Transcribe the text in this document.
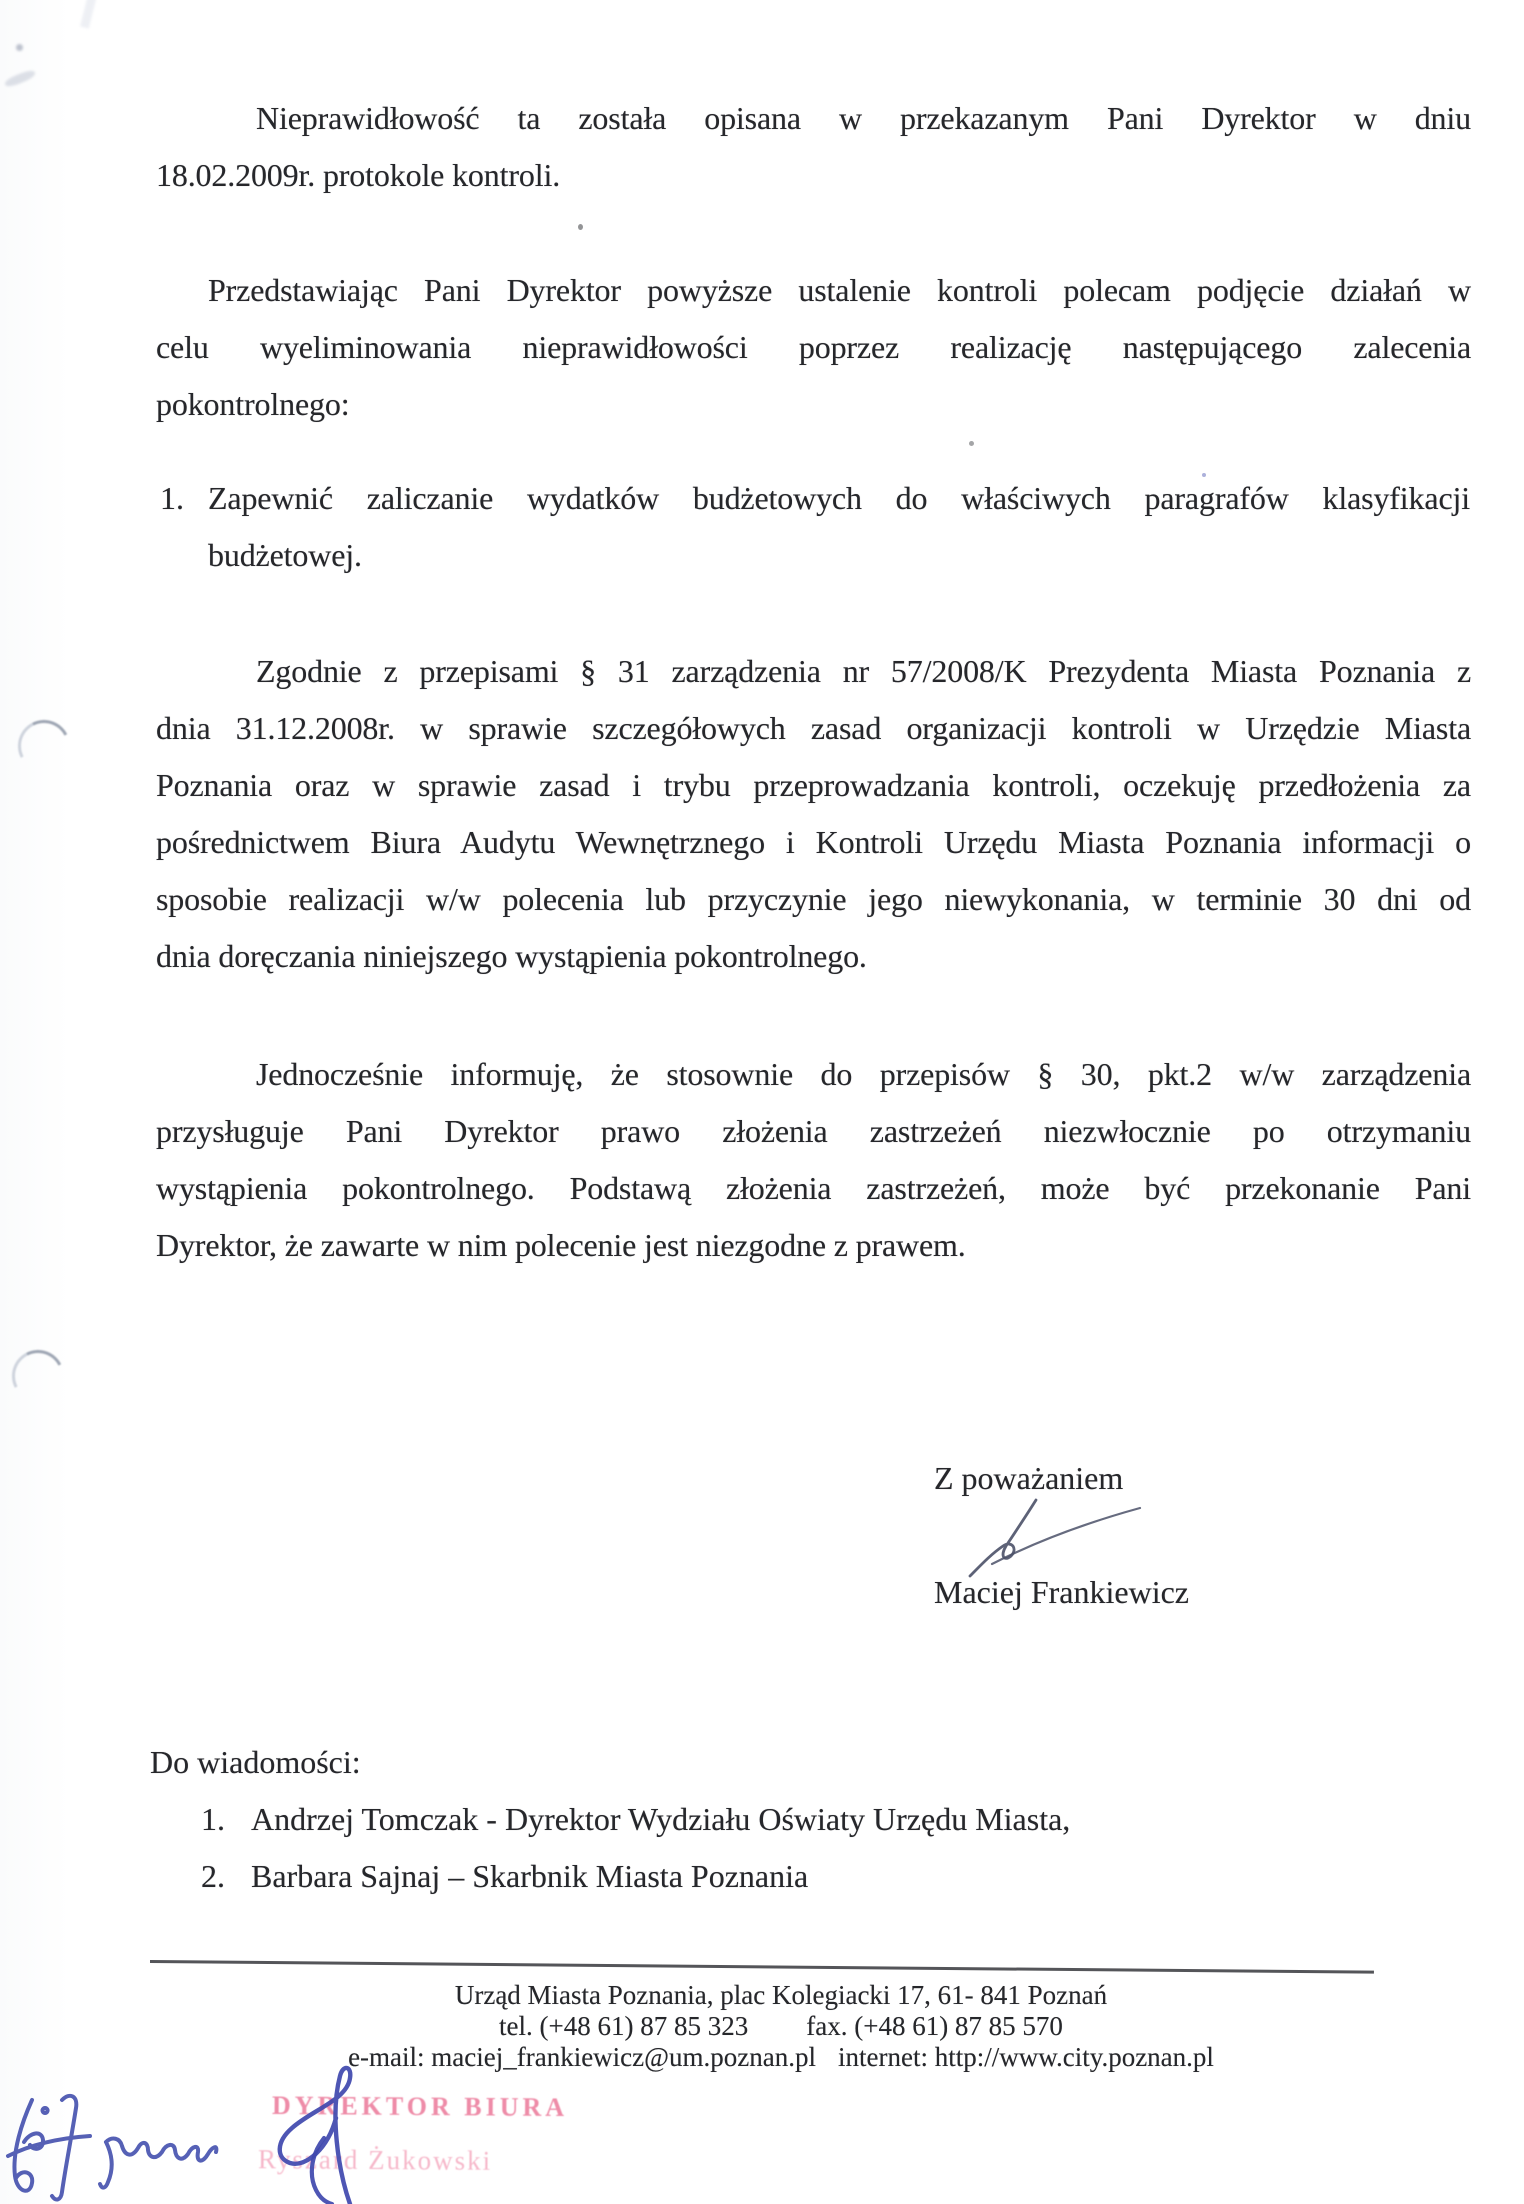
Nieprawidłowość ta została opisana w przekazanym Pani Dyrektor w dniu
18.02.2009r. protokole kontroli.
Przedstawiając Pani Dyrektor powyższe ustalenie kontroli polecam podjęcie działań w
celu wyeliminowania nieprawidłowości poprzez realizację następującego zalecenia
pokontrolnego:
1. Zapewnić zaliczanie wydatków budżetowych do właściwych paragrafów klasyfikacji
budżetowej.
Zgodnie z przepisami § 31 zarządzenia nr 57/2008/K Prezydenta Miasta Poznania z
dnia 31.12.2008r. w sprawie szczegółowych zasad organizacji kontroli w Urzędzie Miasta
Poznania oraz w sprawie zasad i trybu przeprowadzania kontroli, oczekuję przedłożenia za
pośrednictwem Biura Audytu Wewnętrznego i Kontroli Urzędu Miasta Poznania informacji o
sposobie realizacji w/w polecenia lub przyczynie jego niewykonania, w terminie 30 dni od
dnia doręczania niniejszego wystąpienia pokontrolnego.
Jednocześnie informuję, że stosownie do przepisów § 30, pkt.2 w/w zarządzenia
przysługuje Pani Dyrektor prawo złożenia zastrzeżeń niezwłocznie po otrzymaniu
wystąpienia pokontrolnego. Podstawą złożenia zastrzeżeń, może być przekonanie Pani
Dyrektor, że zawarte w nim polecenie jest niezgodne z prawem.
Z poważaniem
Maciej Frankiewicz
Do wiadomości:
1. Andrzej Tomczak - Dyrektor Wydziału Oświaty Urzędu Miasta,
2. Barbara Sajnaj – Skarbnik Miasta Poznania
Urząd Miasta Poznania, plac Kolegiacki 17, 61- 841 Poznań
tel. (+48 61) 87 85 323 fax. (+48 61) 87 85 570
e-mail: maciej_frankiewicz@um.poznan.pl internet: http://www.city.poznan.pl
DYREKTOR BIURA
Ryszard Żukowski
